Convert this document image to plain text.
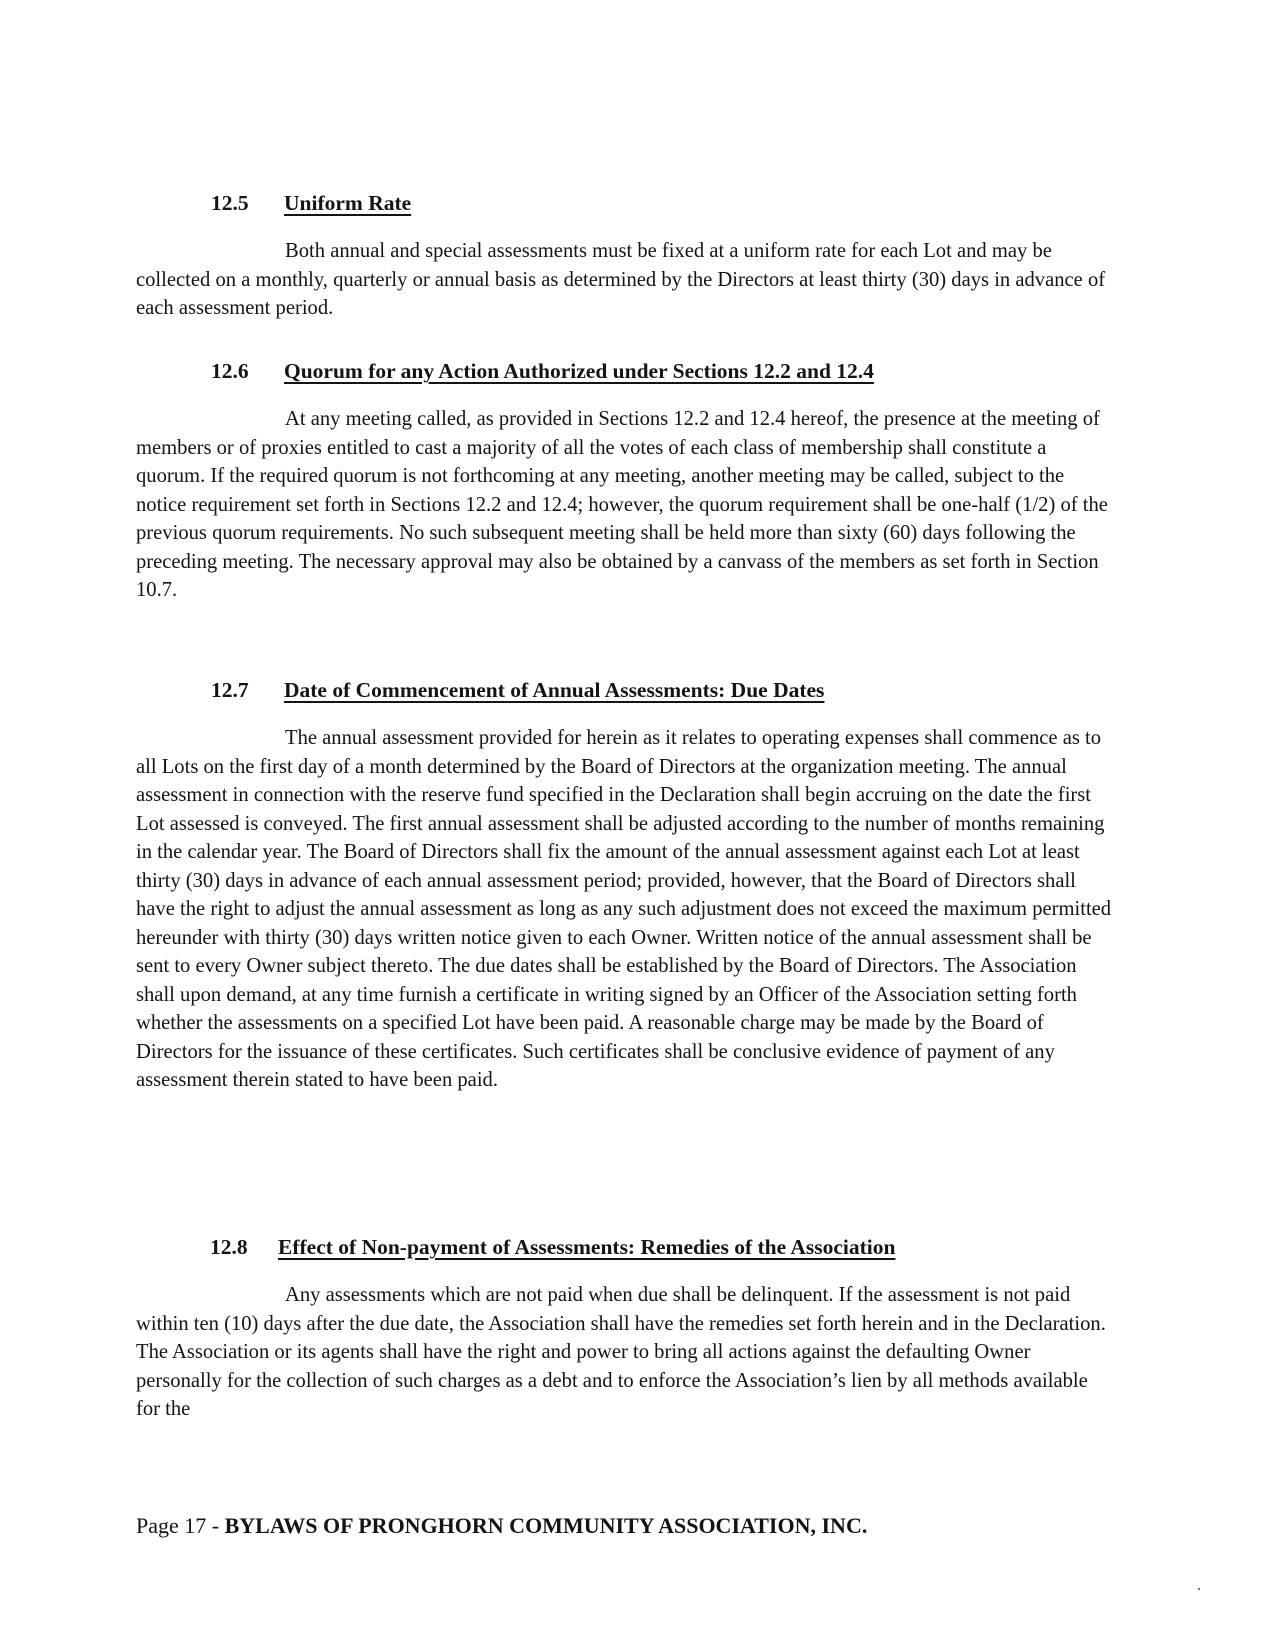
12.5 Uniform Rate
Both annual and special assessments must be fixed at a uniform rate for each Lot and may be collected on a monthly, quarterly or annual basis as determined by the Directors at least thirty (30) days in advance of each assessment period.
12.6 Quorum for any Action Authorized under Sections 12.2 and 12.4
At any meeting called, as provided in Sections 12.2 and 12.4 hereof, the presence at the meeting of members or of proxies entitled to cast a majority of all the votes of each class of membership shall constitute a quorum. If the required quorum is not forthcoming at any meeting, another meeting may be called, subject to the notice requirement set forth in Sections 12.2 and 12.4; however, the quorum requirement shall be one-half (1/2) of the previous quorum requirements. No such subsequent meeting shall be held more than sixty (60) days following the preceding meeting. The necessary approval may also be obtained by a canvass of the members as set forth in Section 10.7.
12.7 Date of Commencement of Annual Assessments: Due Dates
The annual assessment provided for herein as it relates to operating expenses shall commence as to all Lots on the first day of a month determined by the Board of Directors at the organization meeting. The annual assessment in connection with the reserve fund specified in the Declaration shall begin accruing on the date the first Lot assessed is conveyed. The first annual assessment shall be adjusted according to the number of months remaining in the calendar year. The Board of Directors shall fix the amount of the annual assessment against each Lot at least thirty (30) days in advance of each annual assessment period; provided, however, that the Board of Directors shall have the right to adjust the annual assessment as long as any such adjustment does not exceed the maximum permitted hereunder with thirty (30) days written notice given to each Owner. Written notice of the annual assessment shall be sent to every Owner subject thereto. The due dates shall be established by the Board of Directors. The Association shall upon demand, at any time furnish a certificate in writing signed by an Officer of the Association setting forth whether the assessments on a specified Lot have been paid. A reasonable charge may be made by the Board of Directors for the issuance of these certificates. Such certificates shall be conclusive evidence of payment of any assessment therein stated to have been paid.
12.8 Effect of Non-payment of Assessments: Remedies of the Association
Any assessments which are not paid when due shall be delinquent. If the assessment is not paid within ten (10) days after the due date, the Association shall have the remedies set forth herein and in the Declaration. The Association or its agents shall have the right and power to bring all actions against the defaulting Owner personally for the collection of such charges as a debt and to enforce the Association’s lien by all methods available for the
Page 17 - BYLAWS OF PRONGHORN COMMUNITY ASSOCIATION, INC.
